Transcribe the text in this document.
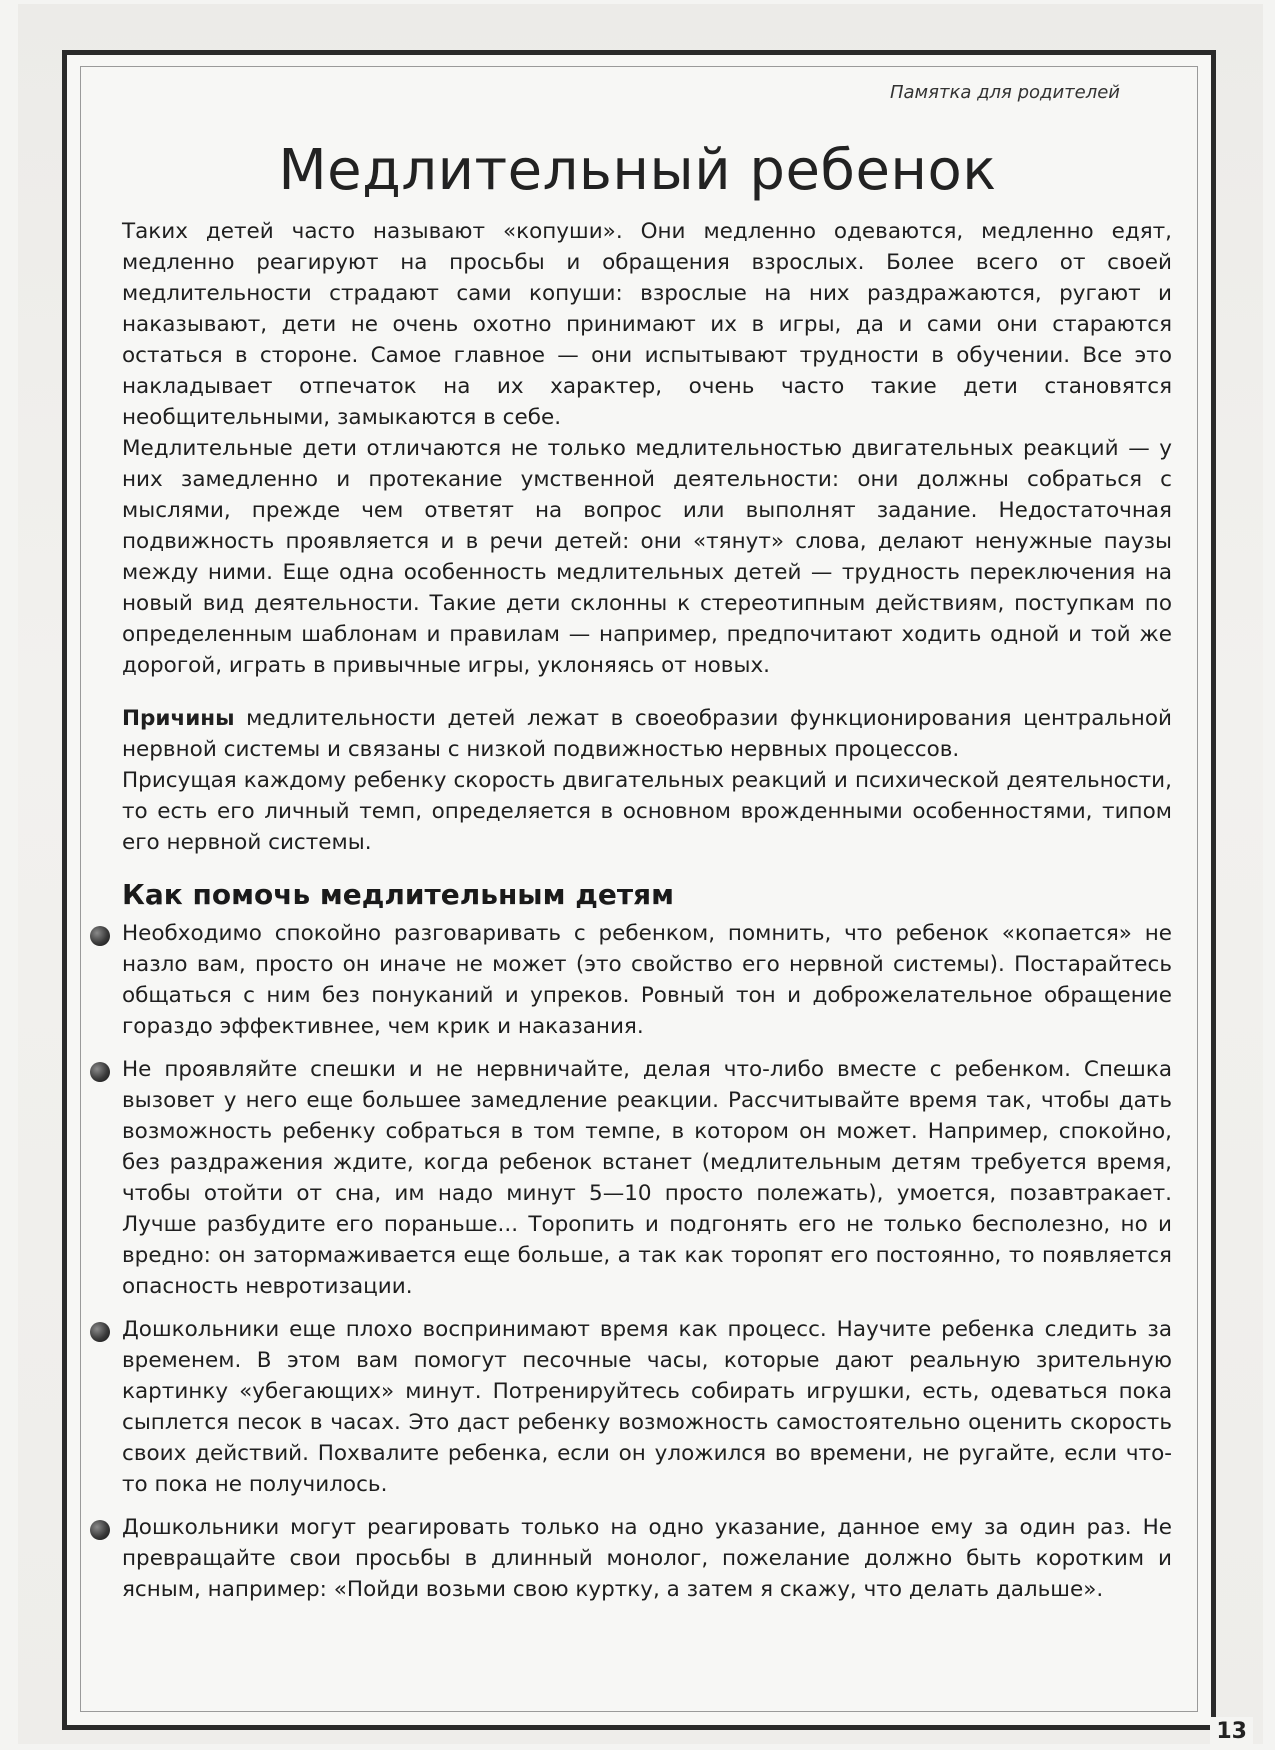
Памятка для родителей
Медлительный ребенок

Таких детей часто называют «копуши». Они медленно одеваются, медленно едят, медленно реагируют на просьбы и обращения взрослых. Более всего от своей медлительности страдают сами копуши: взрослые на них раздражаются, ругают и наказывают, дети не очень охотно принимают их в игры, да и сами они стараются остаться в стороне. Самое главное — они испытывают трудности в обучении. Все это накладывает отпечаток на их характер, очень часто такие дети становятся необщительными, замыкаются в себе.

Медлительные дети отличаются не только медлительностью двигательных реакций — у них замедленно и протекание умственной деятельности: они должны собраться с мыслями, прежде чем ответят на вопрос или выполнят задание. Недостаточная подвижность проявляется и в речи детей: они «тянут» слова, делают ненужные паузы между ними. Еще одна особенность медлительных детей — трудность переключения на новый вид деятельности. Такие дети склонны к стереотипным действиям, поступкам по определенным шаблонам и правилам — например, предпочитают ходить одной и той же дорогой, играть в привычные игры, уклоняясь от новых.

Причины медлительности детей лежат в своеобразии функционирования центральной нервной системы и связаны с низкой подвижностью нервных процессов.

Присущая каждому ребенку скорость двигательных реакций и психической деятельности, то есть его личный темп, определяется в основном врожденными особенностями, типом его нервной системы.

Как помочь медлительным детям

Необходимо спокойно разговаривать с ребенком, помнить, что ребенок «копается» не назло вам, просто он иначе не может (это свойство его нервной системы). Постарайтесь общаться с ним без понуканий и упреков. Ровный тон и доброжелательное обращение гораздо эффективнее, чем крик и наказания.

Не проявляйте спешки и не нервничайте, делая что-либо вместе с ребенком. Спешка вызовет у него еще большее замедление реакции. Рассчитывайте время так, чтобы дать возможность ребенку собраться в том темпе, в котором он может. Например, спокойно, без раздражения ждите, когда ребенок встанет (медлительным детям требуется время, чтобы отойти от сна, им надо минут 5—10 просто полежать), умоется, позавтракает. Лучше разбудите его пораньше... Торопить и подгонять его не только бесполезно, но и вредно: он затормаживается еще больше, а так как торопят его постоянно, то появляется опасность невротизации.

Дошкольники еще плохо воспринимают время как процесс. Научите ребенка следить за временем. В этом вам помогут песочные часы, которые дают реальную зрительную картинку «убегающих» минут. Потренируйтесь собирать игрушки, есть, одеваться пока сыплется песок в часах. Это даст ребенку возможность самостоятельно оценить скорость своих действий. Похвалите ребенка, если он уложился во времени, не ругайте, если что-то пока не получилось.

Дошкольники могут реагировать только на одно указание, данное ему за один раз. Не превращайте свои просьбы в длинный монолог, пожелание должно быть коротким и ясным, например: «Пойди возьми свою куртку, а затем я скажу, что делать дальше».

13
